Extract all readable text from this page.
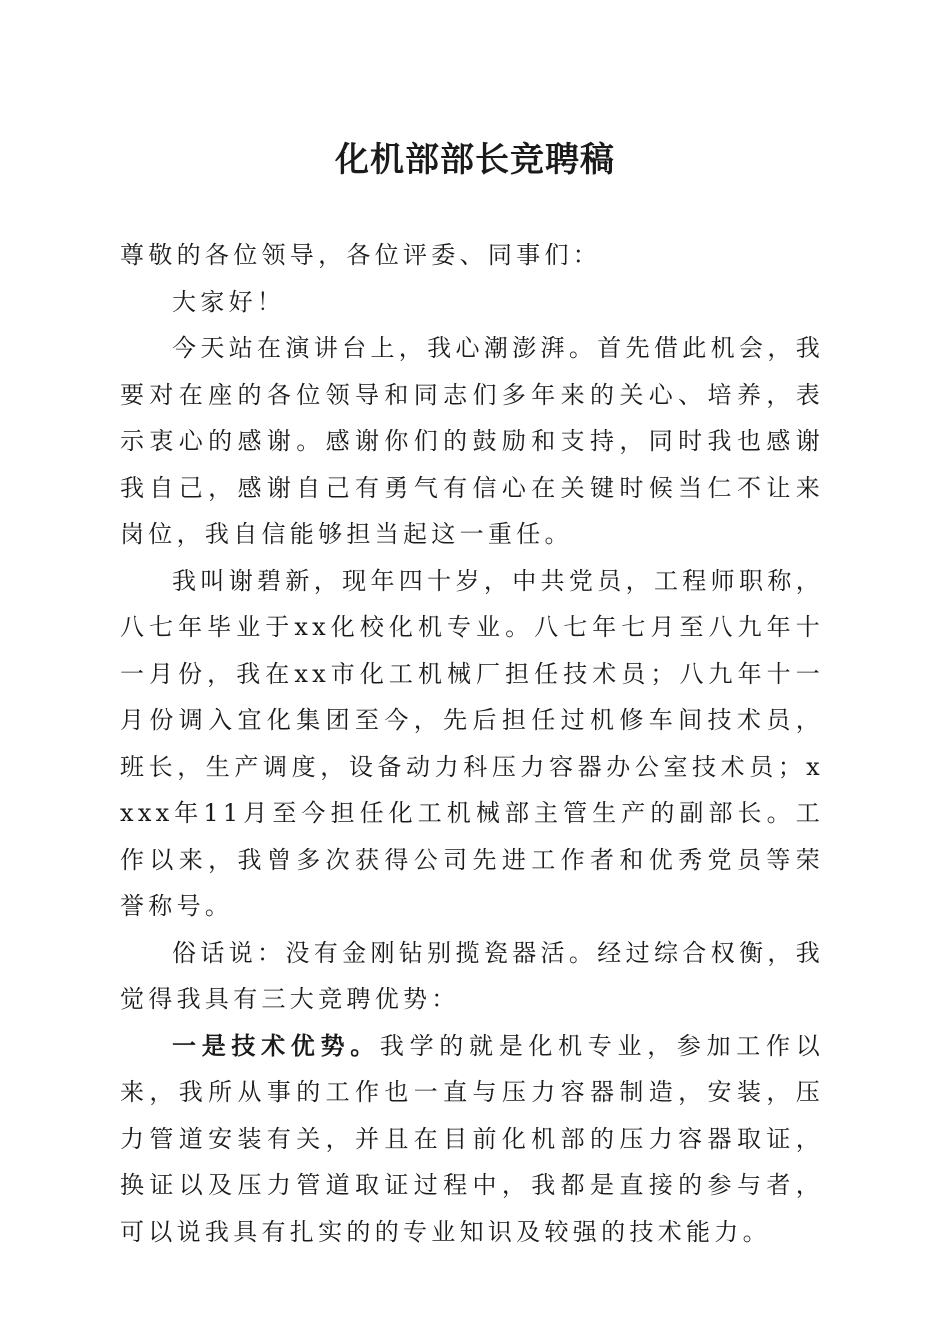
化机部部长竞聘稿

尊敬的各位领导，各位评委、同事们：

大家好！

今天站在演讲台上，我心潮澎湃。首先借此机会，我要对在座的各位领导和同志们多年来的关心、培养，表示衷心的感谢。感谢你们的鼓励和支持，同时我也感谢我自己，感谢自己有勇气有信心在关键时候当仁不让来岗位，我自信能够担当起这一重任。

我叫谢碧新，现年四十岁，中共党员，工程师职称，八七年毕业于xx化校化机专业。八七年七月至八九年十一月份，我在xx市化工机械厂担任技术员；八九年十一月份调入宜化集团至今，先后担任过机修车间技术员，班长，生产调度，设备动力科压力容器办公室技术员；xxxx年11月至今担任化工机械部主管生产的副部长。工作以来，我曾多次获得公司先进工作者和优秀党员等荣誉称号。

俗话说：没有金刚钻别揽瓷器活。经过综合权衡，我觉得我具有三大竞聘优势：

一是技术优势。我学的就是化机专业，参加工作以来，我所从事的工作也一直与压力容器制造，安装，压力管道安装有关，并且在目前化机部的压力容器取证，换证以及压力管道取证过程中，我都是直接的参与者，可以说我具有扎实的的专业知识及较强的技术能力。
